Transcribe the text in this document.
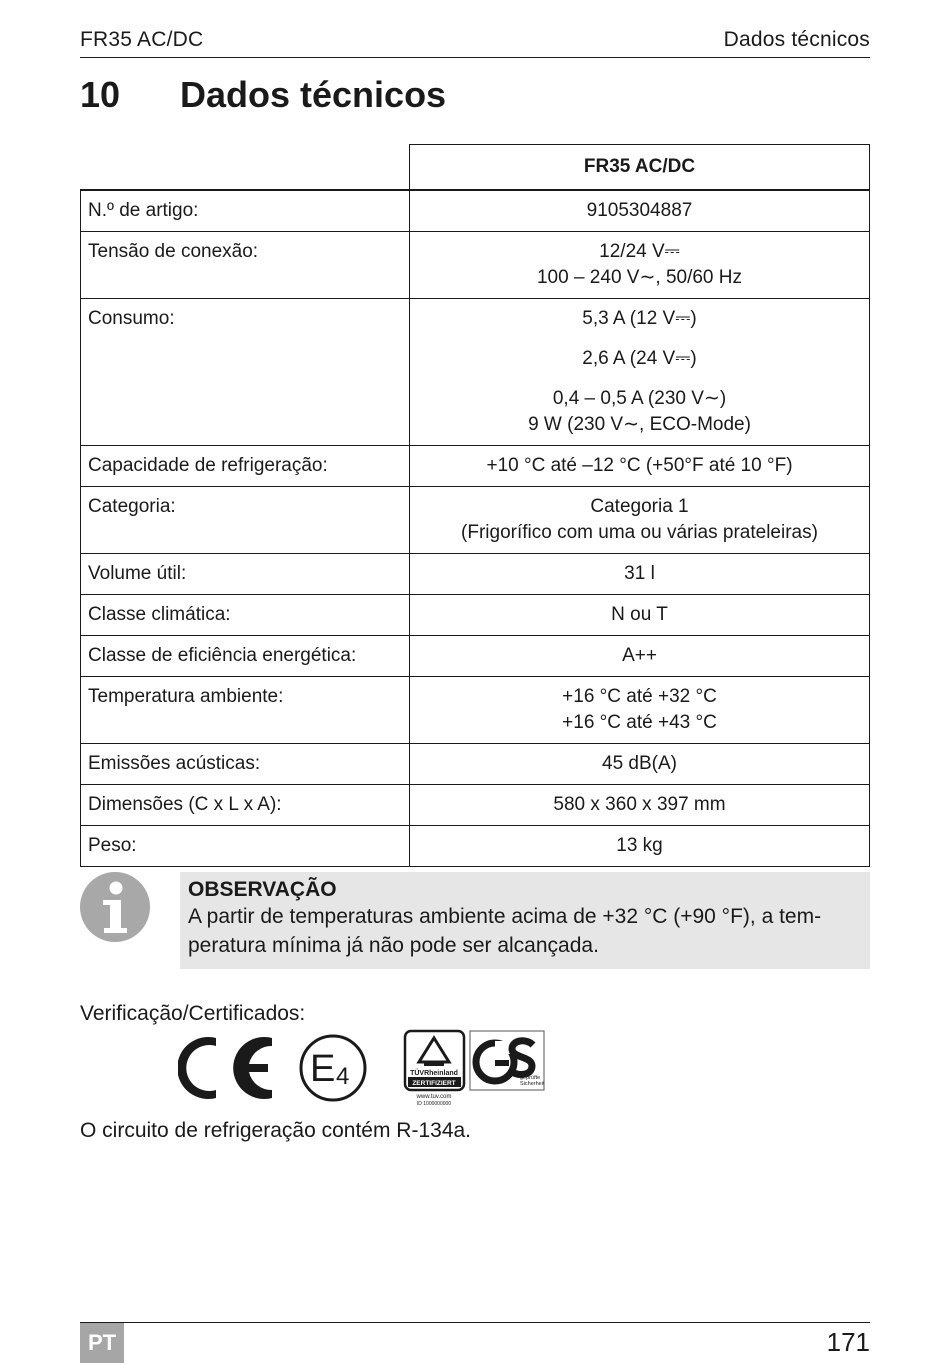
FR35 AC/DC	Dados técnicos
10 Dados técnicos
	FR35 AC/DC
N.º de artigo:	9105304887

Tensão de conexão:	12/24 V⎓
100 – 240 V∼, 50/60 Hz

Consumo:	5,3 A (12 V⎓)
2,6 A (24 V⎓)
0,4 – 0,5 A (230 V∼)
9 W (230 V∼, ECO-Mode)

Capacidade de refrigeração:	+10 °C até –12 °C (+50°F até 10 °F)

Categoria:	Categoria 1
(Frigorífico com uma ou várias prateleiras)

Volume útil:	31 l

Classe climática:	N ou T

Classe de eficiência energética:	A++

Temperatura ambiente:	+16 °C até +32 °C
+16 °C até +43 °C

Emissões acústicas:	45 dB(A)

Dimensões (C x L x A):	580 x 360 x 397 mm

Peso:	13 kg
OBSERVAÇÃO
A partir de temperaturas ambiente acima de +32 °C (+90 °F), a tem-
peratura mínima já não pode ser alcançada.
Verificação/Certificados:
E 4	TÜVRheinland
ZERTIFIZIERT
www.tuv.com
ID 1000000000
geprüfte
Sicherheit
O circuito de refrigeração contém R-134a.
PT	171
